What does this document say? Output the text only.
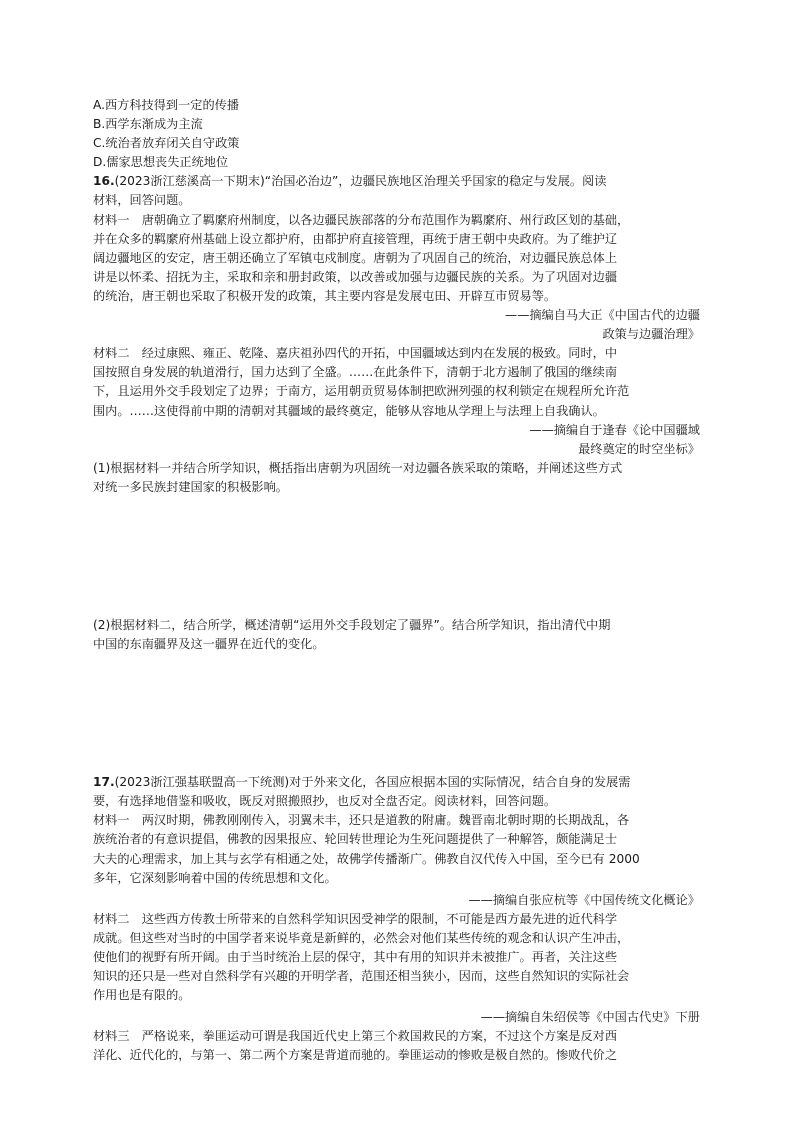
A.西方科技得到一定的传播
B.西学东渐成为主流
C.统治者放弃闭关自守政策
D.儒家思想丧失正统地位
16.(2023浙江慈溪高一下期末)“治国必治边”，边疆民族地区治理关乎国家的稳定与发展。阅读
材料，回答问题。
材料一　唐朝确立了羁縻府州制度，以各边疆民族部落的分布范围作为羁縻府、州行政区划的基础，
并在众多的羁縻府州基础上设立都护府，由都护府直接管理，再统于唐王朝中央政府。为了维护辽
阔边疆地区的安定，唐王朝还确立了军镇屯戍制度。唐朝为了巩固自己的统治，对边疆民族总体上
讲是以怀柔、招抚为主，采取和亲和册封政策，以改善或加强与边疆民族的关系。为了巩固对边疆
的统治，唐王朝也采取了积极开发的政策，其主要内容是发展屯田、开辟互市贸易等。
——摘编自马大正《中国古代的边疆
政策与边疆治理》
材料二　经过康熙、雍正、乾隆、嘉庆祖孙四代的开拓，中国疆域达到内在发展的极致。同时，中
国按照自身发展的轨道滑行，国力达到了全盛。……在此条件下，清朝于北方遏制了俄国的继续南
下，且运用外交手段划定了边界；于南方，运用朝贡贸易体制把欧洲列强的权利锁定在规程所允许范
围内。……这使得前中期的清朝对其疆域的最终奠定，能够从容地从学理上与法理上自我确认。
——摘编自于逢春《论中国疆域
最终奠定的时空坐标》
(1)根据材料一并结合所学知识，概括指出唐朝为巩固统一对边疆各族采取的策略，并阐述这些方式
对统一多民族封建国家的积极影响。
(2)根据材料二，结合所学，概述清朝“运用外交手段划定了疆界”。结合所学知识，指出清代中期
中国的东南疆界及这一疆界在近代的变化。
17.(2023浙江强基联盟高一下统测)对于外来文化，各国应根据本国的实际情况，结合自身的发展需
要，有选择地借鉴和吸收，既反对照搬照抄，也反对全盘否定。阅读材料，回答问题。
材料一　两汉时期，佛教刚刚传入，羽翼未丰，还只是道教的附庸。魏晋南北朝时期的长期战乱，各
族统治者的有意识提倡，佛教的因果报应、轮回转世理论为生死问题提供了一种解答，颇能满足士
大夫的心理需求，加上其与玄学有相通之处，故佛学传播渐广。佛教自汉代传入中国，至今已有 2000
多年，它深刻影响着中国的传统思想和文化。
——摘编自张应杭等《中国传统文化概论》
材料二　这些西方传教士所带来的自然科学知识因受神学的限制，不可能是西方最先进的近代科学
成就。但这些对当时的中国学者来说毕竟是新鲜的，必然会对他们某些传统的观念和认识产生冲击，
使他们的视野有所开阔。由于当时统治上层的保守，其中有用的知识并未被推广。再者，关注这些
知识的还只是一些对自然科学有兴趣的开明学者，范围还相当狭小，因而，这些自然知识的实际社会
作用也是有限的。
——摘编自朱绍侯等《中国古代史》下册
材料三　严格说来，拳匪运动可谓是我国近代史上第三个救国救民的方案，不过这个方案是反对西
洋化、近代化的，与第一、第二两个方案是背道而驰的。拳匪运动的惨败是极自然的。惨败代价之
